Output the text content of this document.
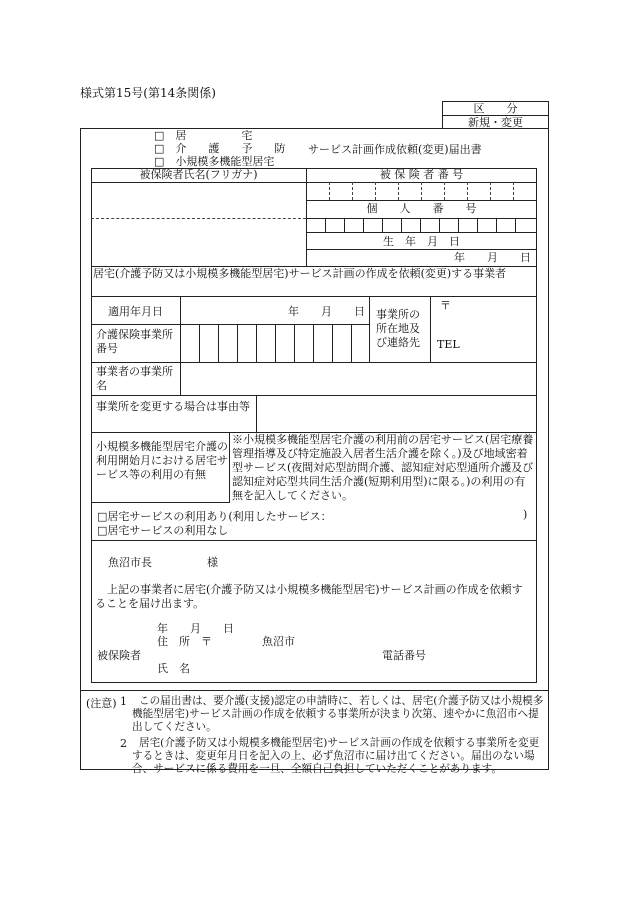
様式第15号(第14条関係)
区　　分
新規・変更
□　居　　　　　宅
□　介　　護　　予　　防
□　小規模多機能型居宅
サービス計画作成依頼(変更)届出書
被保険者氏名(フリガナ)	被 保 険 者 番 号
個　　人　　番　　号
生　年　月　日
年　　月　　日
居宅(介護予防又は小規模多機能型居宅)サービス計画の作成を依頼(変更)する事業者
適用年月日	年　　月　　日 事業所の所在地及び連絡先
〒
TEL
介護保険事業所番号
事業者の事業所名
事業所を変更する場合は事由等
小規模多機能型居宅介護の利用開始月における居宅サービス等の利用の有無
※小規模多機能型居宅介護の利用前の居宅サービス(居宅療養管理指導及び特定施設入居者生活介護を除く。)及び地域密着型サービス(夜間対応型訪問介護、認知症対応型通所介護及び認知症対応型共同生活介護(短期利用型)に限る。)の利用の有無を記入してください。
□居宅サービスの利用あり(利用したサービス：	)
□居宅サービスの利用なし
魚沼市長　　　　　様
上記の事業者に居宅(介護予防又は小規模多機能型居宅)サービス計画の作成を依頼することを届け出ます。
年　　月　　日
住　所　〒	魚沼市
被保険者	電話番号
氏　名
(注意) 1	この届出書は、要介護(支援)認定の申請時に、若しくは、居宅(介護予防又は小規模多機能型居宅)サービス計画の作成を依頼する事業所が決まり次第、速やかに魚沼市へ提出してください。
2	居宅(介護予防又は小規模多機能型居宅)サービス計画の作成を依頼する事業所を変更するときは、変更年月日を記入の上、必ず魚沼市に届け出てください。届出のない場合、サービスに係る費用を一旦、全額自己負担していただくことがあります。
